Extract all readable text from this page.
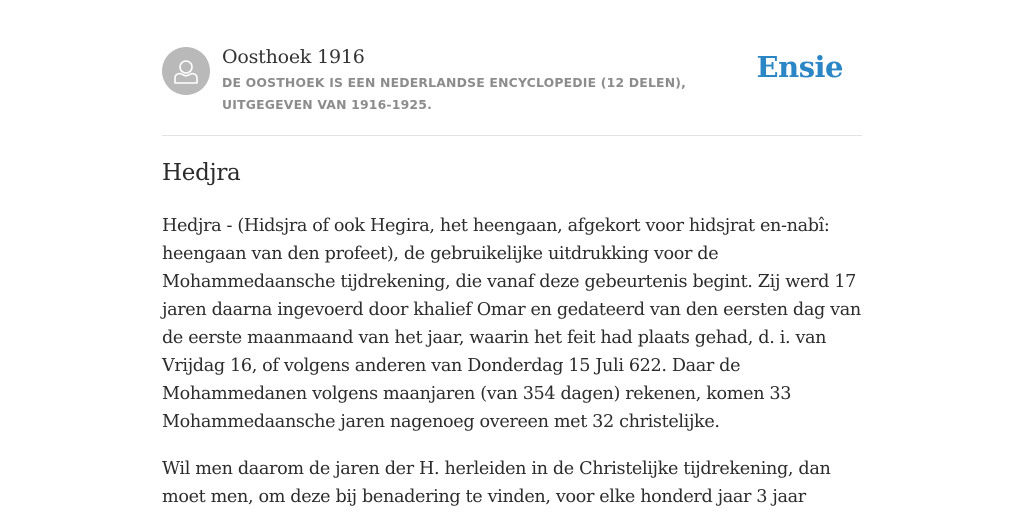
Oosthoek 1916
DE OOSTHOEK IS EEN NEDERLANDSE ENCYCLOPEDIE (12 DELEN), UITGEGEVEN VAN 1916-1925.
Ensie
Hedjra

Hedjra - (Hidsjra of ook Hegira, het heengaan, afgekort voor hidsjrat en-nabî: heengaan van den profeet), de gebruikelijke uitdrukking voor de Mohammedaansche tijdrekening, die vanaf deze gebeurtenis begint. Zij werd 17 jaren daarna ingevoerd door khalief Omar en gedateerd van den eersten dag van de eerste maanmaand van het jaar, waarin het feit had plaats gehad, d. i. van Vrijdag 16, of volgens anderen van Donderdag 15 Juli 622. Daar de Mohammedanen volgens maanjaren (van 354 dagen) rekenen, komen 33 Mohammedaansche jaren nagenoeg overeen met 32 christelijke.

Wil men daarom de jaren der H. herleiden in de Christelijke tijdrekening, dan moet men, om deze bij benadering te vinden, voor elke honderd jaar 3 jaar
